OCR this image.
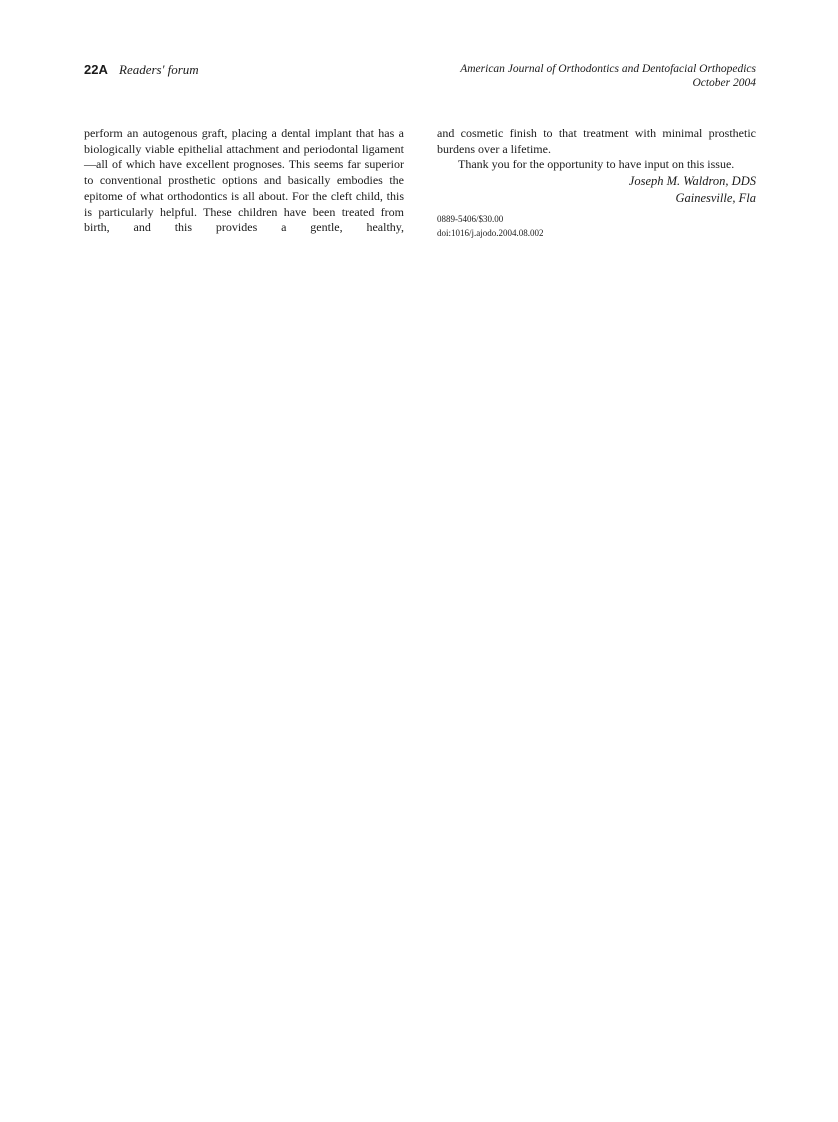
22A Readers' forum	American Journal of Orthodontics and Dentofacial Orthopedics
October 2004

perform an autogenous graft, placing a dental implant that has a biologically viable epithelial attachment and periodontal ligament—all of which have excellent prognoses. This seems far superior to conventional prosthetic options and basically embodies the epitome of what orthodontics is all about. For the cleft child, this is particularly helpful. These children have been treated from birth, and this provides a gentle, healthy,

and cosmetic finish to that treatment with minimal prosthetic burdens over a lifetime.

Thank you for the opportunity to have input on this issue.

Joseph M. Waldron, DDS
Gainesville, Fla
0889-5406/$30.00
doi:1016/j.ajodo.2004.08.002
